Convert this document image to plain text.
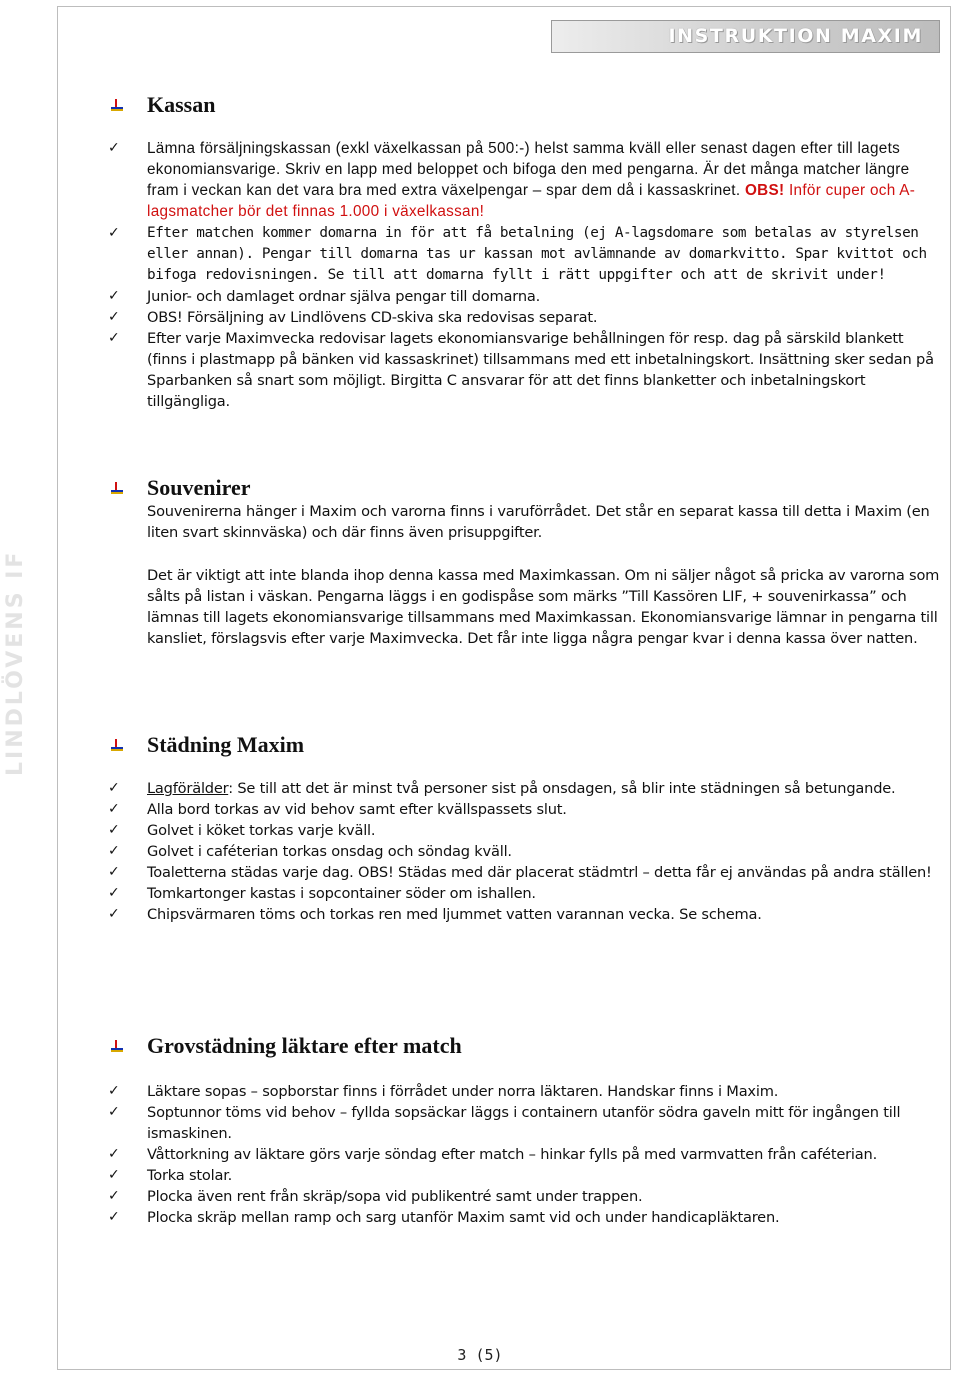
INSTRUKTION MAXIM
LINDLÖVENS IF
Kassan
✓ Lämna försäljningskassan (exkl växelkassan på 500:-) helst samma kväll eller senast dagen efter till lagets ekonomiansvarige. Skriv en lapp med beloppet och bifoga den med pengarna. Är det många matcher längre fram i veckan kan det vara bra med extra växelpengar – spar dem då i kassaskrinet. OBS! Inför cuper och A-lagsmatcher bör det finnas 1.000 i växelkassan!
✓ Efter matchen kommer domarna in för att få betalning (ej A-lagsdomare som betalas av styrelsen eller annan). Pengar till domarna tas ur kassan mot avlämnande av domarkvitto. Spar kvittot och bifoga redovisningen. Se till att domarna fyllt i rätt uppgifter och att de skrivit under!
✓ Junior- och damlaget ordnar själva pengar till domarna.
✓ OBS! Försäljning av Lindlövens CD-skiva ska redovisas separat.
✓ Efter varje Maximvecka redovisar lagets ekonomiansvarige behållningen för resp. dag på särskild blankett (finns i plastmapp på bänken vid kassaskrinet) tillsammans med ett inbetalningskort. Insättning sker sedan på Sparbanken så snart som möjligt. Birgitta C ansvarar för att det finns blanketter och inbetalningskort tillgängliga.
Souvenirer

Souvenirerna hänger i Maxim och varorna finns i varuförrådet. Det står en separat kassa till detta i Maxim (en liten svart skinnväska) och där finns även prisuppgifter.

Det är viktigt att inte blanda ihop denna kassa med Maximkassan. Om ni säljer något så pricka av varorna som sålts på listan i väskan. Pengarna läggs i en godispåse som märks ”Till Kassören LIF, + souvenirkassa” och lämnas till lagets ekonomiansvarige tillsammans med Maximkassan. Ekonomiansvarige lämnar in pengarna till kansliet, förslagsvis efter varje Maximvecka. Det får inte ligga några pengar kvar i denna kassa över natten.

Städning Maxim
✓ Lagförälder: Se till att det är minst två personer sist på onsdagen, så blir inte städningen så betungande.
✓ Alla bord torkas av vid behov samt efter kvällspassets slut.
✓ Golvet i köket torkas varje kväll.
✓ Golvet i caféterian torkas onsdag och söndag kväll.
✓ Toaletterna städas varje dag. OBS! Städas med där placerat städmtrl – detta får ej användas på andra ställen!
✓ Tomkartonger kastas i sopcontainer söder om ishallen.
✓ Chipsvärmaren töms och torkas ren med ljummet vatten varannan vecka. Se schema.
Grovstädning läktare efter match
✓ Läktare sopas – sopborstar finns i förrådet under norra läktaren. Handskar finns i Maxim.
✓ Soptunnor töms vid behov – fyllda sopsäckar läggs i containern utanför södra gaveln mitt för ingången till ismaskinen.
✓ Våttorkning av läktare görs varje söndag efter match – hinkar fylls på med varmvatten från caféterian.
✓ Torka stolar.
✓ Plocka även rent från skräp/sopa vid publikentré samt under trappen.
✓ Plocka skräp mellan ramp och sarg utanför Maxim samt vid och under handicapläktaren.
3 (5)
